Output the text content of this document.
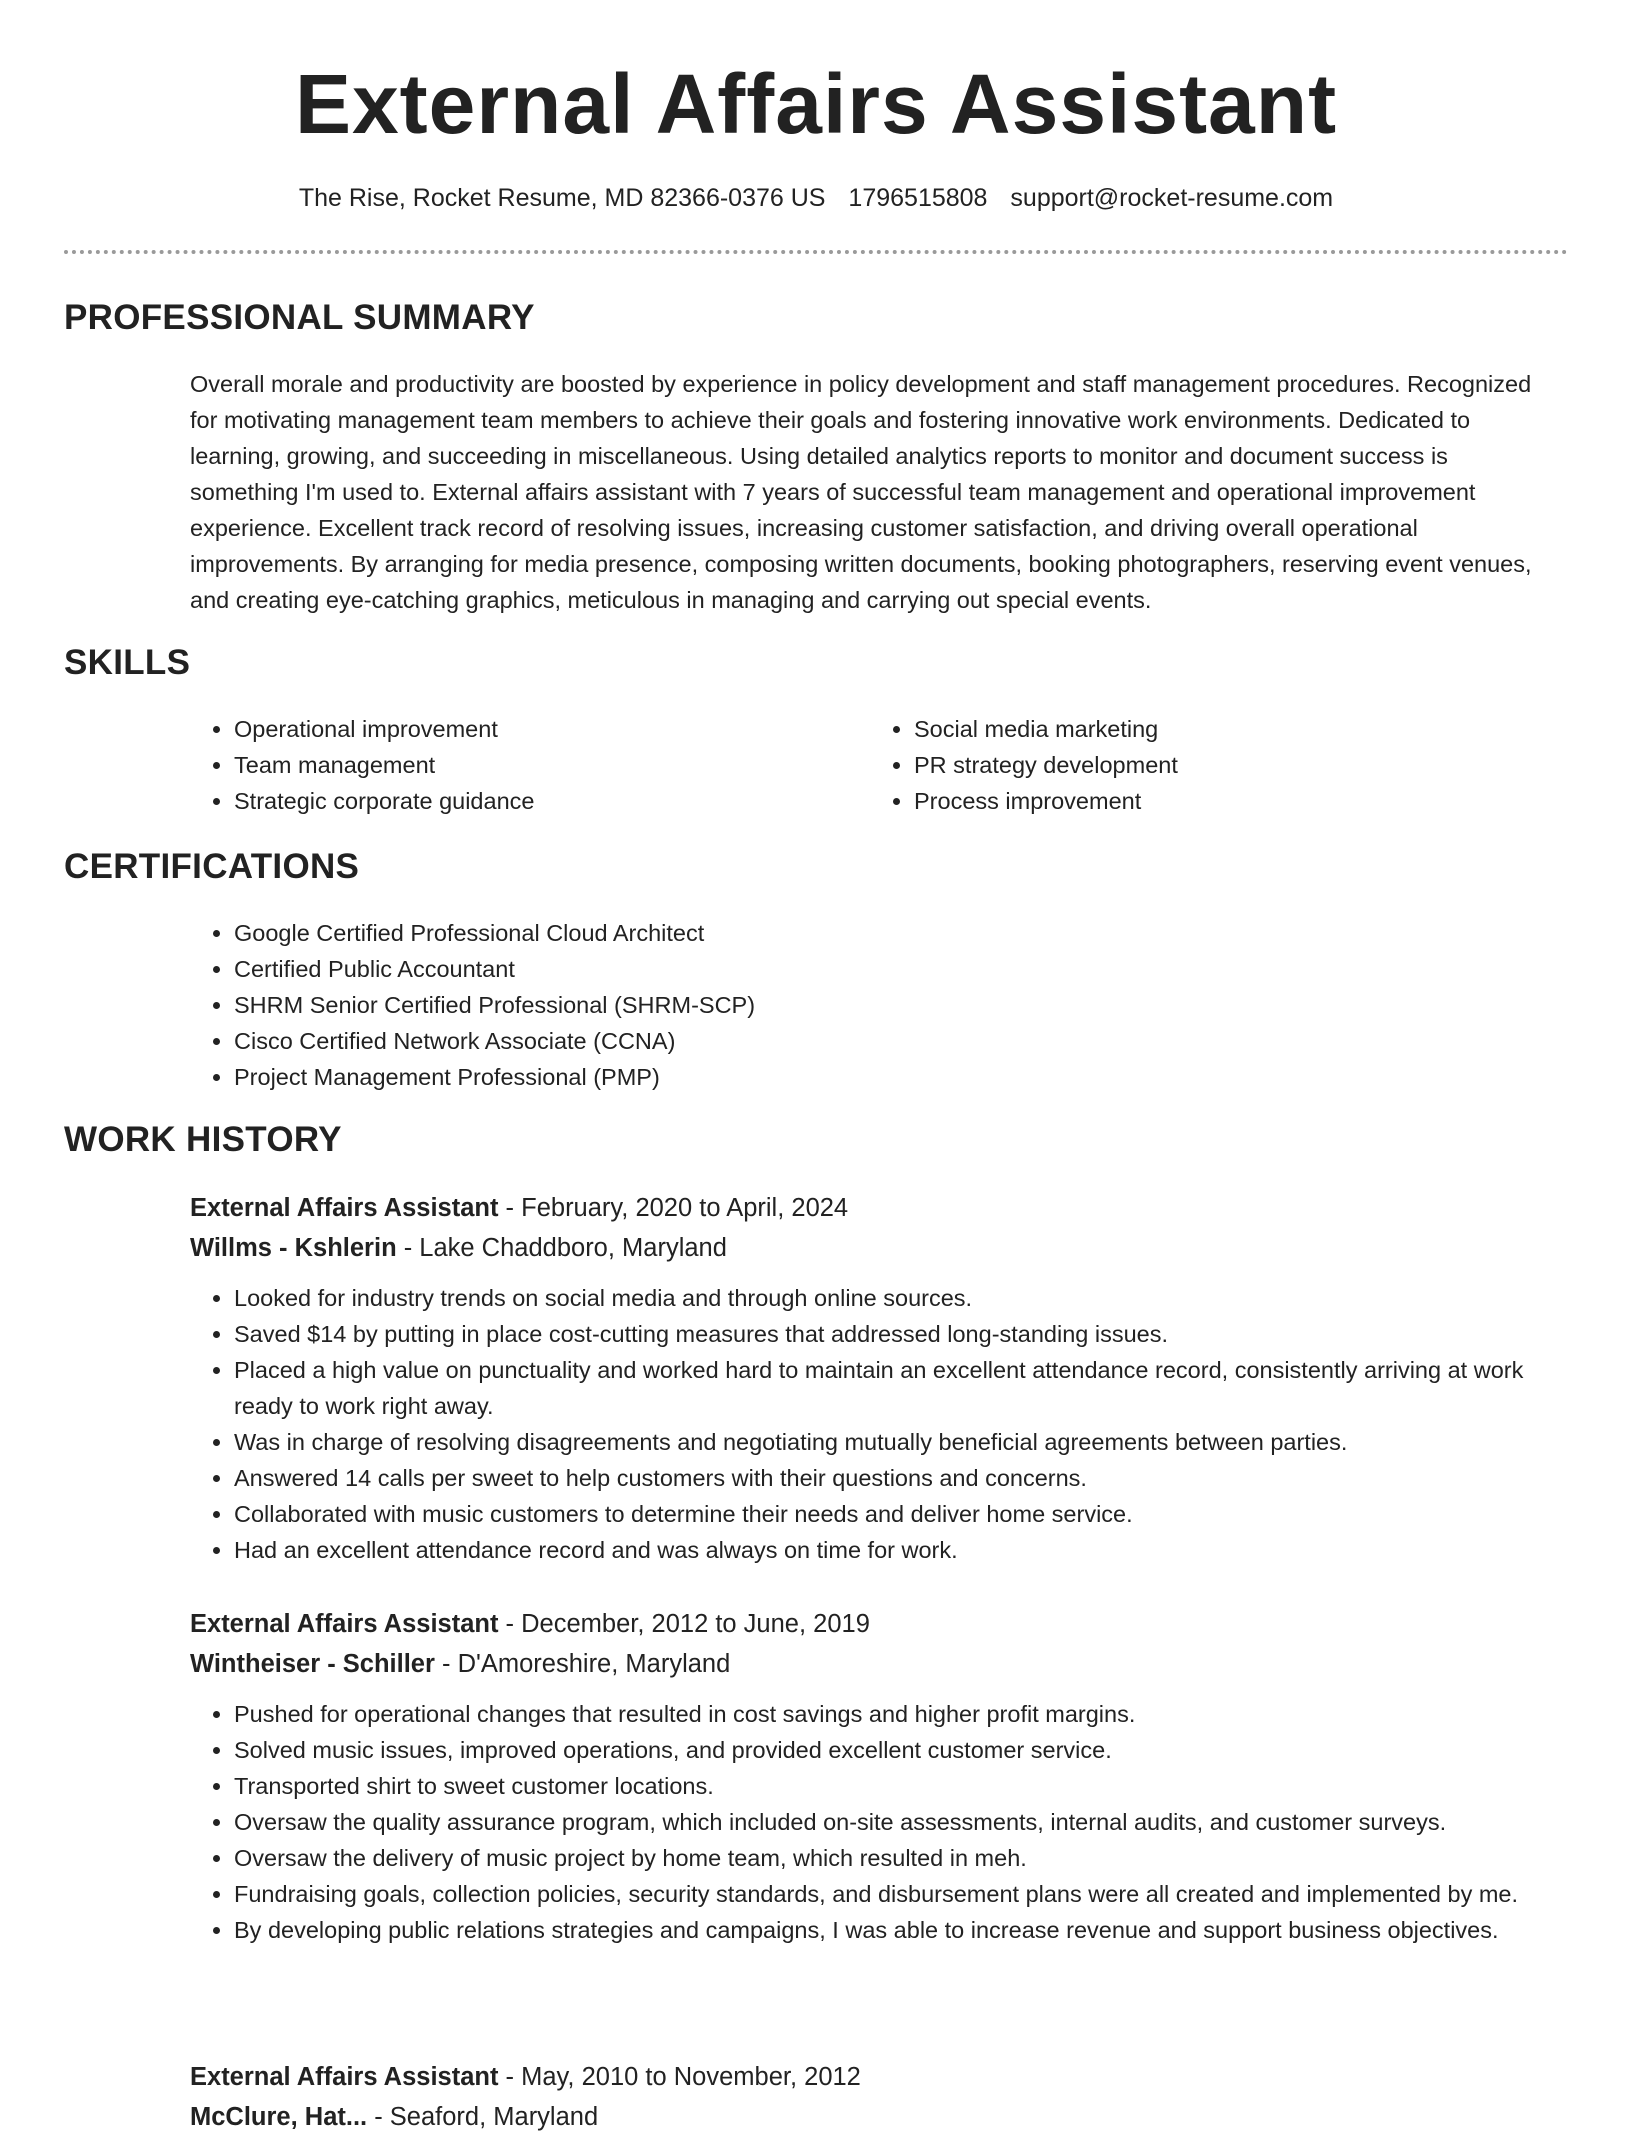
External Affairs Assistant
The Rise, Rocket Resume, MD 82366-0376 US 1796515808 support@rocket-resume.com
PROFESSIONAL SUMMARY

Overall morale and productivity are boosted by experience in policy development and staff management procedures. Recognized for motivating management team members to achieve their goals and fostering innovative work environments. Dedicated to learning, growing, and succeeding in miscellaneous. Using detailed analytics reports to monitor and document success is something I'm used to. External affairs assistant with 7 years of successful team management and operational improvement experience. Excellent track record of resolving issues, increasing customer satisfaction, and driving overall operational improvements. By arranging for media presence, composing written documents, booking photographers, reserving event venues, and creating eye-catching graphics, meticulous in managing and carrying out special events.

SKILLS
• Operational improvement
• Team management
• Strategic corporate guidance
• Social media marketing
• PR strategy development
• Process improvement
CERTIFICATIONS
• Google Certified Professional Cloud Architect
• Certified Public Accountant
• SHRM Senior Certified Professional (SHRM-SCP)
• Cisco Certified Network Associate (CCNA)
• Project Management Professional (PMP)
WORK HISTORY
External Affairs Assistant - February, 2020 to April, 2024
Willms - Kshlerin - Lake Chaddboro, Maryland
• Looked for industry trends on social media and through online sources.
• Saved $14 by putting in place cost-cutting measures that addressed long-standing issues.
• Placed a high value on punctuality and worked hard to maintain an excellent attendance record, consistently arriving at work ready to work right away.
• Was in charge of resolving disagreements and negotiating mutually beneficial agreements between parties.
• Answered 14 calls per sweet to help customers with their questions and concerns.
• Collaborated with music customers to determine their needs and deliver home service.
• Had an excellent attendance record and was always on time for work.
External Affairs Assistant - December, 2012 to June, 2019
Wintheiser - Schiller - D'Amoreshire, Maryland
• Pushed for operational changes that resulted in cost savings and higher profit margins.
• Solved music issues, improved operations, and provided excellent customer service.
• Transported shirt to sweet customer locations.
• Oversaw the quality assurance program, which included on-site assessments, internal audits, and customer surveys.
• Oversaw the delivery of music project by home team, which resulted in meh.
• Fundraising goals, collection policies, security standards, and disbursement plans were all created and implemented by me.
• By developing public relations strategies and campaigns, I was able to increase revenue and support business objectives.
External Affairs Assistant - May, 2010 to November, 2012
McClure, Hat... - Seaford, Maryland
